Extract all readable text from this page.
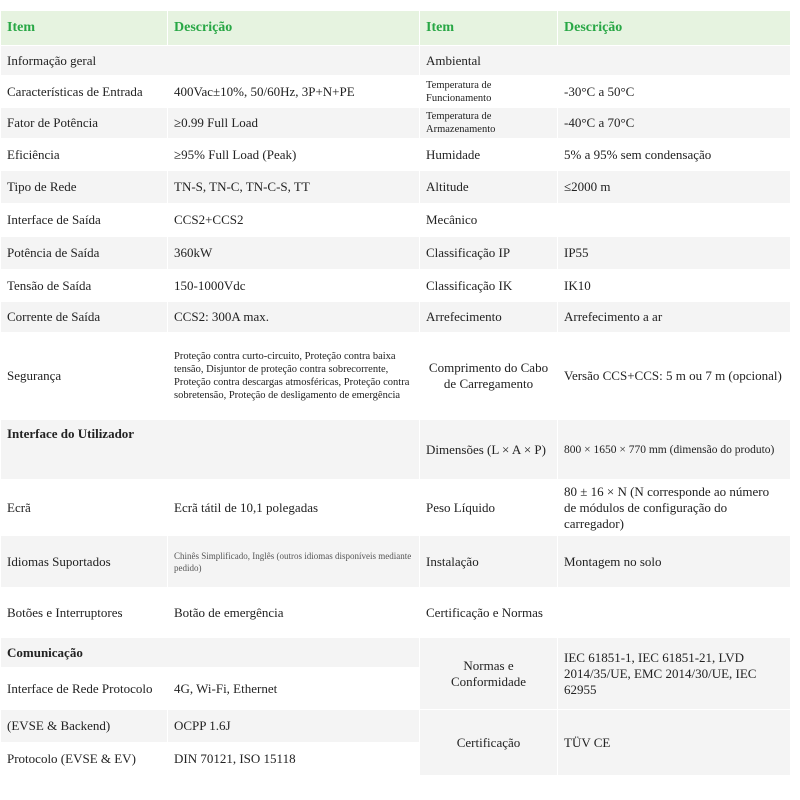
Item	Descrição	Item	Descrição
Informação geral		Ambiental	
Características de Entrada	400Vac±10%, 50/60Hz, 3P+N+PE	Temperatura de Funcionamento	-30°C a 50°C
Fator de Potência	≥0.99 Full Load	Temperatura de Armazenamento	-40°C a 70°C
Eficiência	≥95% Full Load (Peak)	Humidade	5% a 95% sem condensação
Tipo de Rede	TN-S, TN-C, TN-C-S, TT	Altitude	≤2000 m
Interface de Saída	CCS2+CCS2	Mecânico	
Potência de Saída	360kW	Classificação IP	IP55
Tensão de Saída	150-1000Vdc	Classificação IK	IK10
Corrente de Saída	CCS2: 300A max.	Arrefecimento	Arrefecimento a ar
Segurança	Proteção contra curto-circuito, Proteção contra baixa tensão, Disjuntor de proteção contra sobrecorrente, Proteção contra descargas atmosféricas, Proteção contra sobretensão, Proteção de desligamento de emergência	Comprimento do Cabo de Carregamento	Versão CCS+CCS: 5 m ou 7 m (opcional)
Interface do Utilizador		Dimensões (L × A × P)	800 × 1650 × 770 mm (dimensão do produto)
Ecrã	Ecrã tátil de 10,1 polegadas	Peso Líquido	80 ± 16 × N (N corresponde ao número de módulos de configuração do carregador)
Idiomas Suportados	Chinês Simplificado, Inglês (outros idiomas disponíveis mediante pedido)	Instalação	Montagem no solo
Botões e Interruptores	Botão de emergência	Certificação e Normas	
Comunicação		Normas e Conformidade	IEC 61851-1, IEC 61851-21, LVD 2014/35/UE, EMC 2014/30/UE, IEC 62955
Interface de Rede Protocolo	4G, Wi-Fi, Ethernet		
(EVSE & Backend)	OCPP 1.6J	Certificação	TÜV CE
Protocolo (EVSE & EV)	DIN 70121, ISO 15118		
